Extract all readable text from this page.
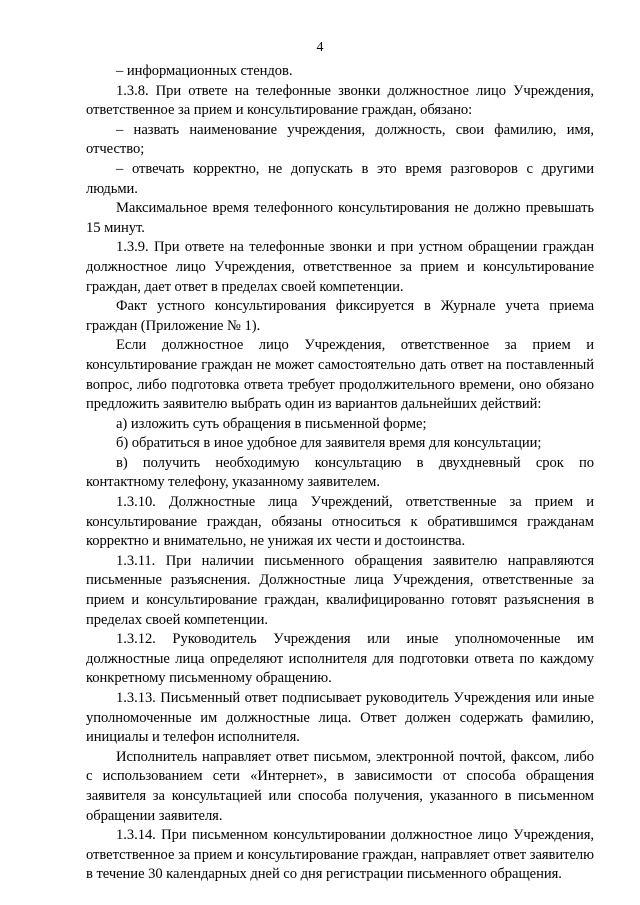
4

– информационных стендов.

1.3.8. При ответе на телефонные звонки должностное лицо Учреждения, ответственное за прием и консультирование граждан, обязано:

– назвать наименование учреждения, должность, свои фамилию, имя, отчество;

– отвечать корректно, не допускать в это время разговоров с другими людьми.

Максимальное время телефонного консультирования не должно превышать 15 минут.

1.3.9. При ответе на телефонные звонки и при устном обращении граждан должностное лицо Учреждения, ответственное за прием и консультирование граждан, дает ответ в пределах своей компетенции.

Факт устного консультирования фиксируется в Журнале учета приема граждан (Приложение № 1).

Если должностное лицо Учреждения, ответственное за прием и консультирование граждан не может самостоятельно дать ответ на поставленный вопрос, либо подготовка ответа требует продолжительного времени, оно обязано предложить заявителю выбрать один из вариантов дальнейших действий:

а) изложить суть обращения в письменной форме;

б) обратиться в иное удобное для заявителя время для консультации;

в) получить необходимую консультацию в двухдневный срок по контактному телефону, указанному заявителем.

1.3.10. Должностные лица Учреждений, ответственные за прием и консультирование граждан, обязаны относиться к обратившимся гражданам корректно и внимательно, не унижая их чести и достоинства.

1.3.11. При наличии письменного обращения заявителю направляются письменные разъяснения. Должностные лица Учреждения, ответственные за прием и консультирование граждан, квалифицированно готовят разъяснения в пределах своей компетенции.

1.3.12. Руководитель Учреждения или иные уполномоченные им должностные лица определяют исполнителя для подготовки ответа по каждому конкретному письменному обращению.

1.3.13. Письменный ответ подписывает руководитель Учреждения или иные уполномоченные им должностные лица. Ответ должен содержать фамилию, инициалы и телефон исполнителя.

Исполнитель направляет ответ письмом, электронной почтой, факсом, либо с использованием сети «Интернет», в зависимости от способа обращения заявителя за консультацией или способа получения, указанного в письменном обращении заявителя.

1.3.14. При письменном консультировании должностное лицо Учреждения, ответственное за прием и консультирование граждан, направляет ответ заявителю в течение 30 календарных дней со дня регистрации письменного обращения.
